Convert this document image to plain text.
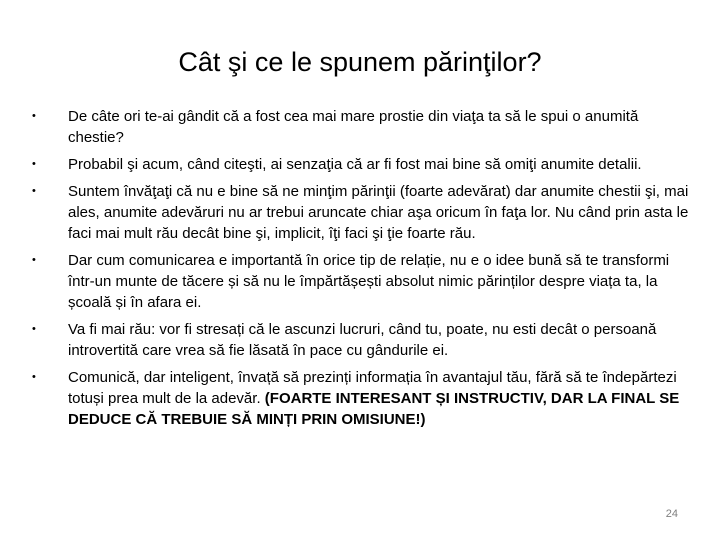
Cât şi ce le spunem părinţilor?
• De câte ori te-ai gândit că a fost cea mai mare prostie din viaţa ta să le spui o anumită chestie?
• Probabil şi acum, când citeşti, ai senzaţia că ar fi fost mai bine să omiţi anumite detalii.
• Suntem învăţaţi că nu e bine să ne minţim părinţii (foarte adevărat) dar anumite chestii şi, mai ales, anumite adevăruri nu ar trebui aruncate chiar aşa oricum în faţa lor. Nu când prin asta le faci mai mult rău decât bine şi, implicit, îţi faci şi ţie foarte rău.
• Dar cum comunicarea e importantă în orice tip de relație, nu e o idee bună să te transformi într-un munte de tăcere și să nu le împărtășești absolut nimic părinților despre viața ta, la școală și în afara ei.
• Va fi mai rău: vor fi stresați că le ascunzi lucruri, când tu, poate, nu esti decât o persoană introvertită care vrea să fie lăsată în pace cu gândurile ei.
• Comunică, dar inteligent, învață să prezinți informația în avantajul tău, fără să te îndepărtezi totuși prea mult de la adevăr. (FOARTE INTERESANT ȘI INSTRUCTIV, DAR LA FINAL SE DEDUCE CĂ TREBUIE SĂ MINȚI PRIN OMISIUNE!)
24
